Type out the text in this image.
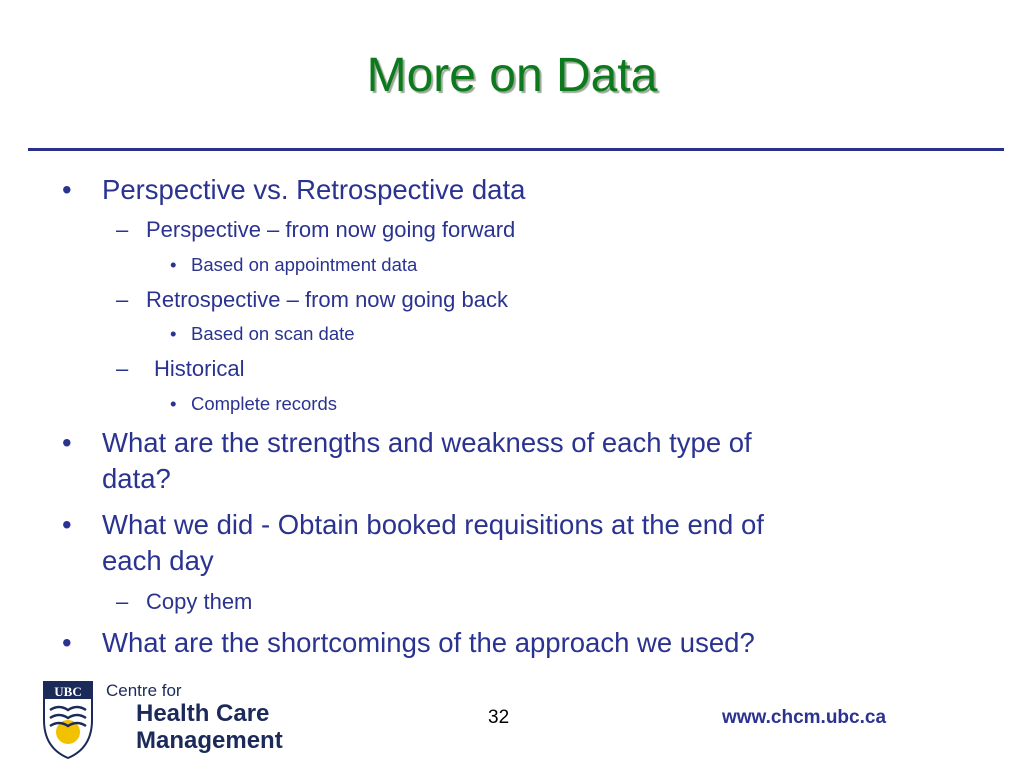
More on Data
• Perspective vs. Retrospective data
– Perspective – from now going forward
• Based on appointment data
– Retrospective – from now going back
• Based on scan date
– Historical
• Complete records
• What are the strengths and weakness of each type of
data?
• What we did - Obtain booked requisitions at the end of
each day
– Copy them
• What are the shortcomings of the approach we used?
UBC Centre for
Health Care
Management
32	www.chcm.ubc.ca
